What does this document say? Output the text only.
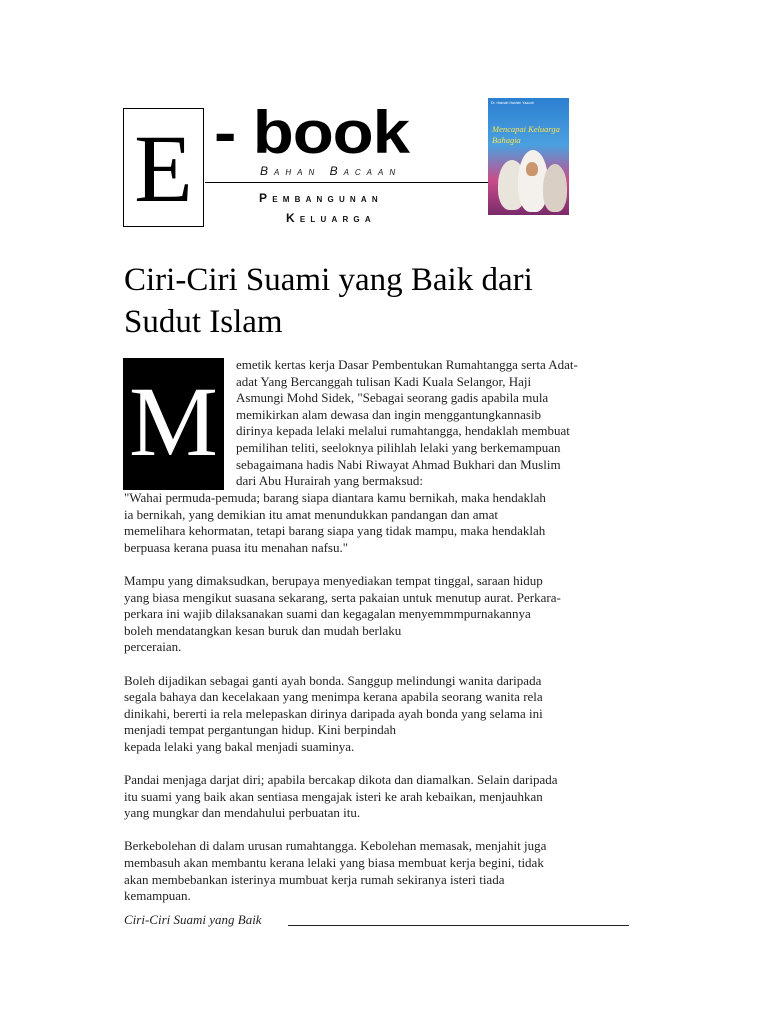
E - book
Bahan Bacaan
Pembangunan
Keluarga
Dr. Hasnah Hashim Yaacob
Mencapai Keluarga Bahagia
Ciri-Ciri Suami yang Baik dari
Sudut Islam
M
emetik kertas kerja Dasar Pembentukan Rumahtangga serta Adat-
adat Yang Bercanggah tulisan Kadi Kuala Selangor, Haji
Asmungi Mohd Sidek, "Sebagai seorang gadis apabila mula
memikirkan alam dewasa dan ingin menggantungkannasib
dirinya kepada lelaki melalui rumahtangga, hendaklah membuat
pemilihan teliti, seeloknya pilihlah lelaki yang berkemampuan
sebagaimana hadis Nabi Riwayat Ahmad Bukhari dan Muslim
dari Abu Hurairah yang bermaksud:
"Wahai permuda-pemuda; barang siapa diantara kamu bernikah, maka hendaklah
ia bernikah, yang demikian itu amat menundukkan pandangan dan amat
memelihara kehormatan, tetapi barang siapa yang tidak mampu, maka hendaklah
berpuasa kerana puasa itu menahan nafsu."
Mampu yang dimaksudkan, berupaya menyediakan tempat tinggal, saraan hidup
yang biasa mengikut suasana sekarang, serta pakaian untuk menutup aurat. Perkara-
perkara ini wajib dilaksanakan suami dan kegagalan menyemmmpurnakannya
boleh mendatangkan kesan buruk dan mudah berlaku
perceraian.
Boleh dijadikan sebagai ganti ayah bonda. Sanggup melindungi wanita daripada
segala bahaya dan kecelakaan yang menimpa kerana apabila seorang wanita rela
dinikahi, bererti ia rela melepaskan dirinya daripada ayah bonda yang selama ini
menjadi tempat pergantungan hidup. Kini berpindah
kepada lelaki yang bakal menjadi suaminya.
Pandai menjaga darjat diri; apabila bercakap dikota dan diamalkan. Selain daripada
itu suami yang baik akan sentiasa mengajak isteri ke arah kebaikan, menjauhkan
yang mungkar dan mendahului perbuatan itu.
Berkebolehan di dalam urusan rumahtangga. Kebolehan memasak, menjahit juga
membasuh akan membantu kerana lelaki yang biasa membuat kerja begini, tidak
akan membebankan isterinya mumbuat kerja rumah sekiranya isteri tiada
kemampuan.
Ciri-Ciri Suami yang Baik
